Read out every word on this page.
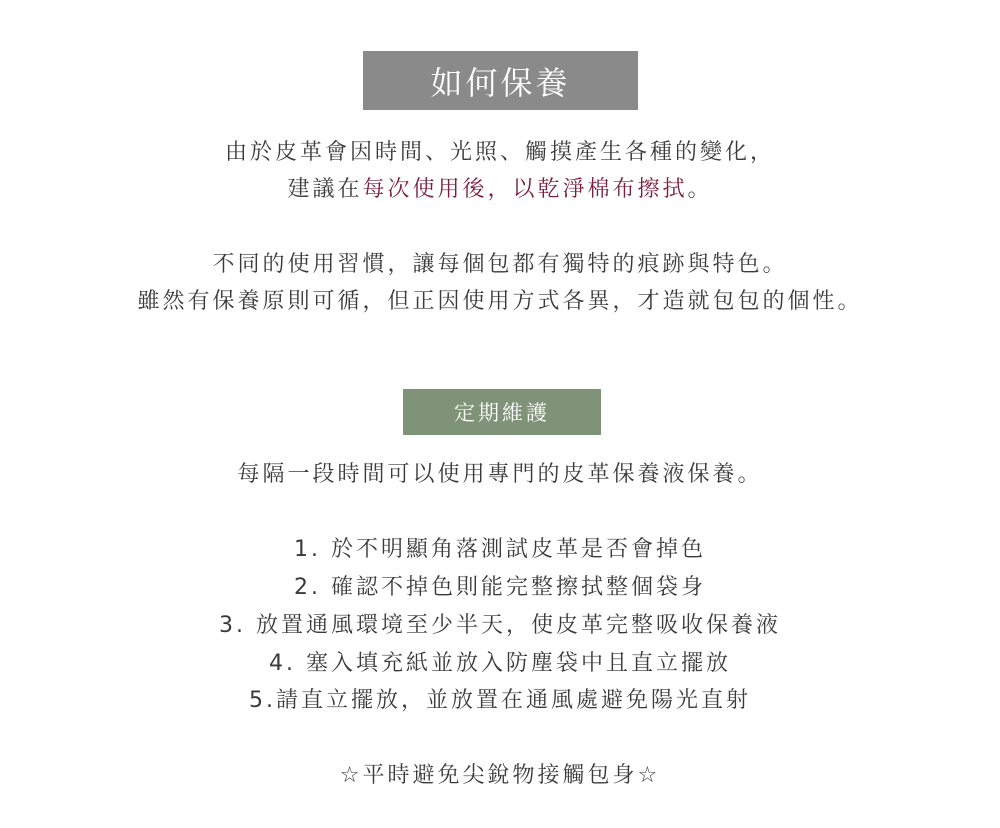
如何保養
由於皮革會因時間、光照、觸摸產生各種的變化，
建議在每次使用後，以乾淨棉布擦拭。
不同的使用習慣，讓每個包都有獨特的痕跡與特色。
雖然有保養原則可循，但正因使用方式各異，才造就包包的個性。
定期維護
每隔一段時間可以使用專門的皮革保養液保養。
1. 於不明顯角落測試皮革是否會掉色
2. 確認不掉色則能完整擦拭整個袋身
3. 放置通風環境至少半天，使皮革完整吸收保養液
4. 塞入填充紙並放入防塵袋中且直立擺放
5.請直立擺放，並放置在通風處避免陽光直射
☆平時避免尖銳物接觸包身☆
